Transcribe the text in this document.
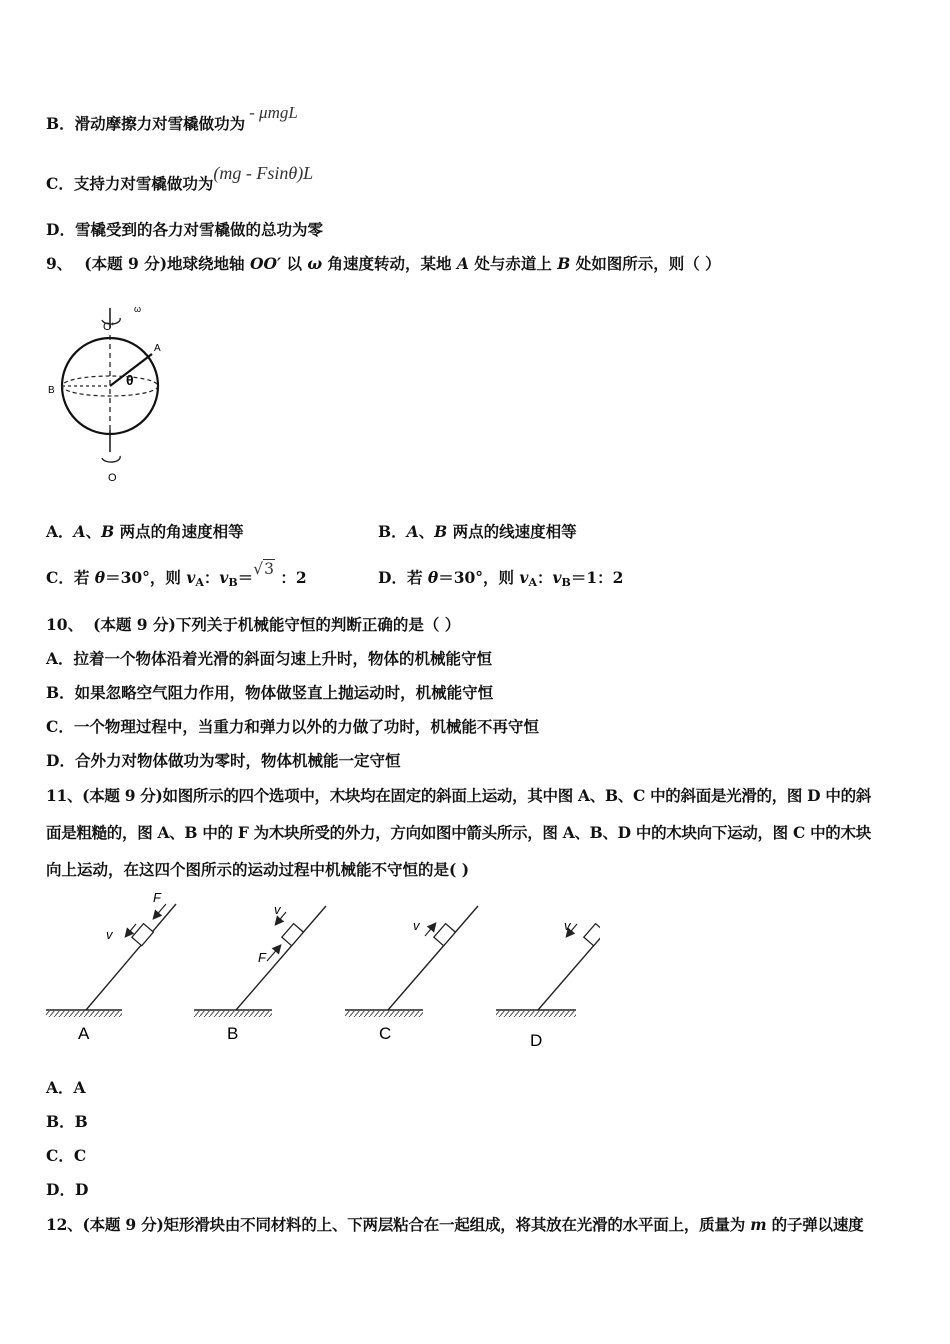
B．滑动摩擦力对雪橇做功为- μmgL
C．支持力对雪橇做功为(mg - Fsinθ)L
D．雪橇受到的各力对雪橇做的总功为零
9、 (本题 9 分)地球绕地轴 OO′ 以 ω 角速度转动，某地 A 处与赤道上 B 处如图所示，则（ ）
O′
ω
A
B
θ
O
A．A、B 两点的角速度相等	B．A、B 两点的线速度相等
C．若 θ＝30°，则 $v_A$：$v_B=√3$ ：2	D．若 θ＝30°，则 $v_A$：$v_B=1$：2
10、 (本题 9 分)下列关于机械能守恒的判断正确的是（ ）
A．拉着一个物体沿着光滑的斜面匀速上升时，物体的机械能守恒
B．如果忽略空气阻力作用，物体做竖直上抛运动时，机械能守恒
C．一个物理过程中，当重力和弹力以外的力做了功时，机械能不再守恒
D．合外力对物体做功为零时，物体机械能一定守恒
11、(本题 9 分)如图所示的四个选项中，木块均在固定的斜面上运动，其中图 A、B、C 中的斜面是光滑的，图 D 中的斜
面是粗糙的，图 A、B 中的 F 为木块所受的外力，方向如图中箭头所示，图 A、B、D 中的木块向下运动，图 C 中的木块
向上运动，在这四个图所示的运动过程中机械能不守恒的是( )
v
F
A
v
F
B
v
C
v
D
A．A
B．B
C．C
D．D
12、(本题 9 分)矩形滑块由不同材料的上、下两层粘合在一起组成，将其放在光滑的水平面上，质量为 m 的子弹以速度
